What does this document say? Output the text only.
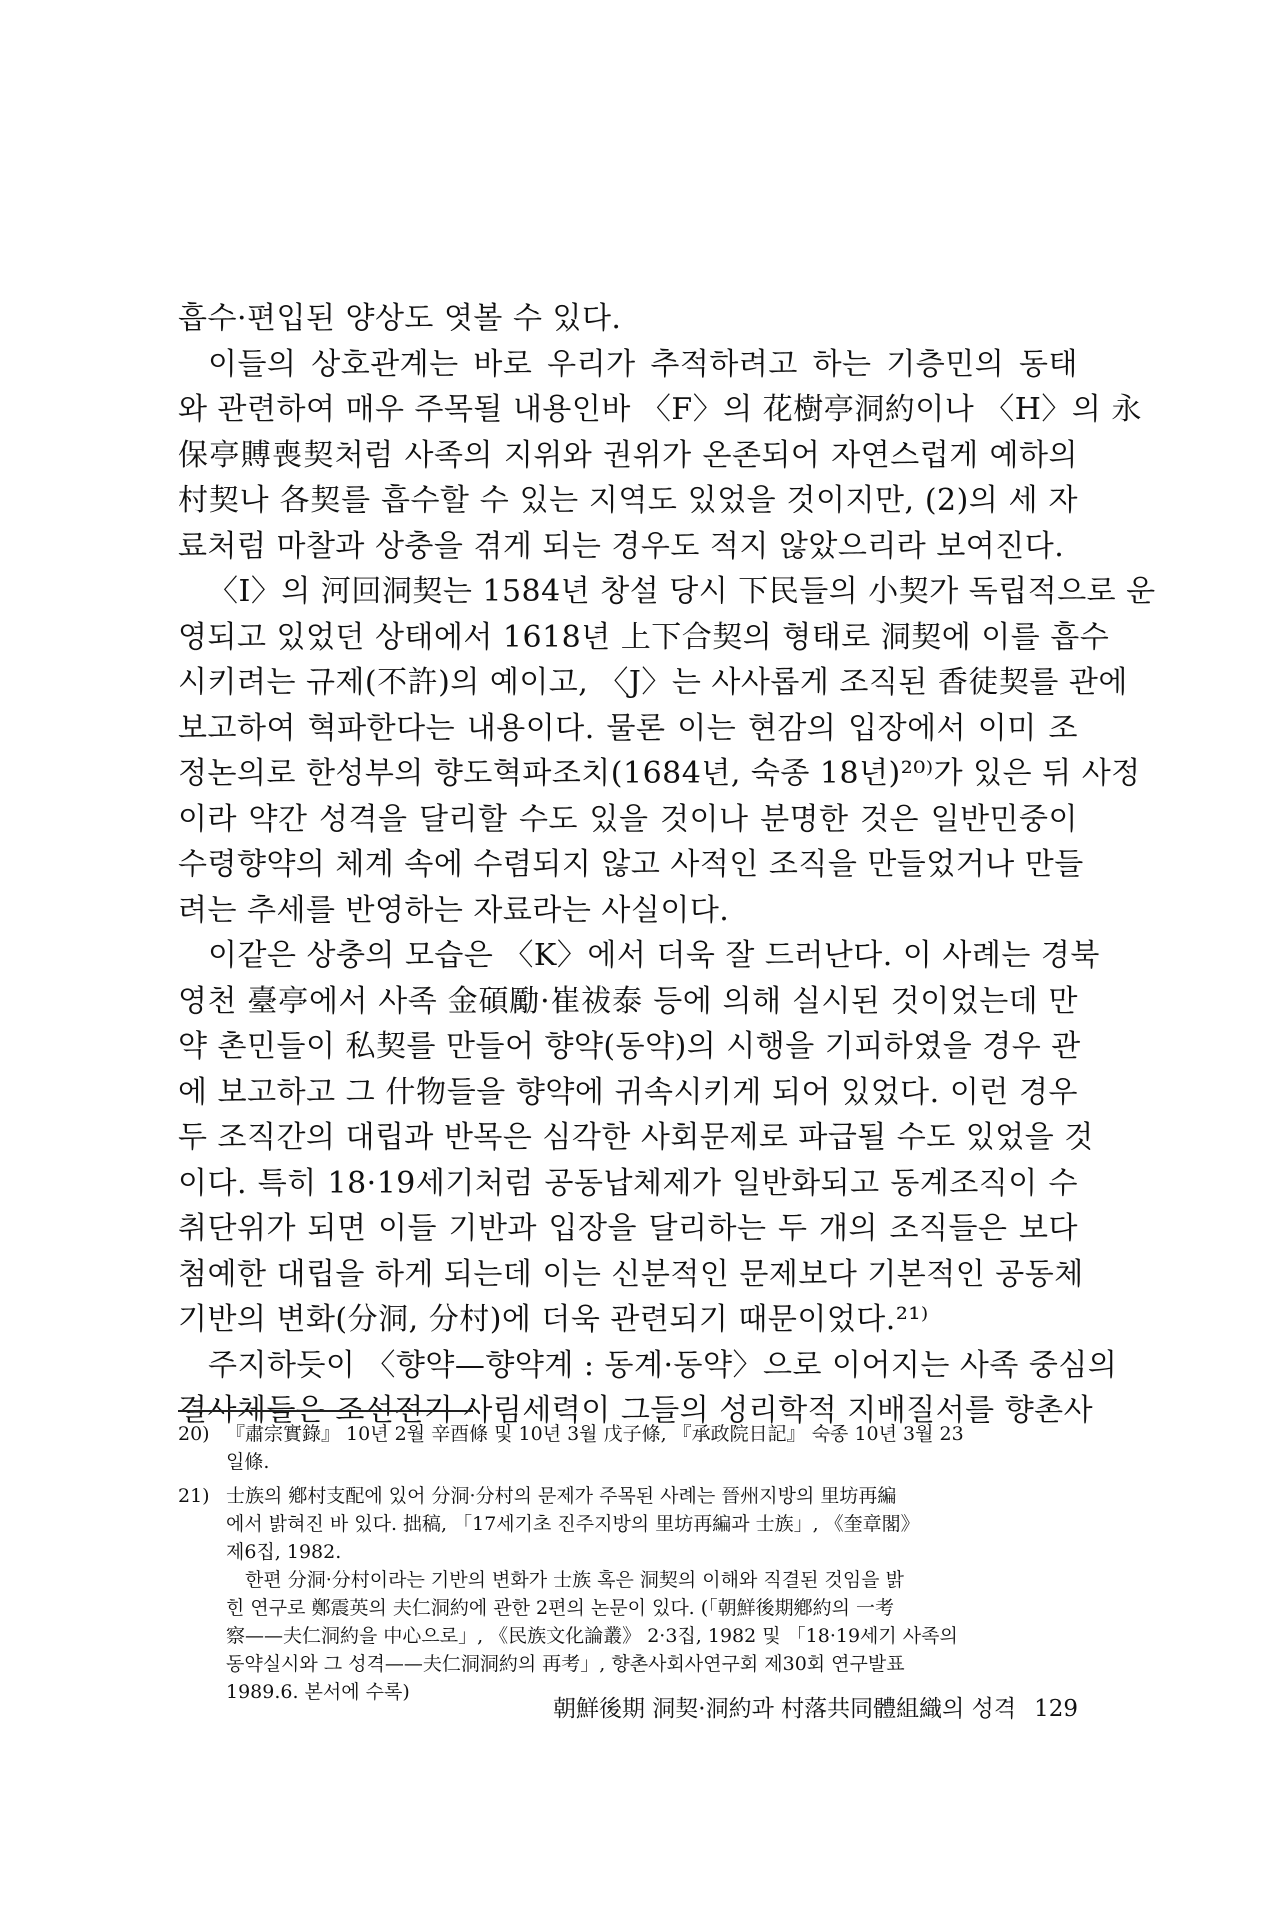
흡수·편입된 양상도 엿볼 수 있다.

이들의 상호관계는 바로 우리가 추적하려고 하는 기층민의 동태

와 관련하여 매우 주목될 내용인바 〈F〉의 花樹亭洞約이나 〈H〉의 永

保亭賻喪契처럼 사족의 지위와 권위가 온존되어 자연스럽게 예하의

村契나 各契를 흡수할 수 있는 지역도 있었을 것이지만, (2)의 세 자

료처럼 마찰과 상충을 겪게 되는 경우도 적지 않았으리라 보여진다.

〈I〉의 河回洞契는 1584년 창설 당시 下民들의 小契가 독립적으로 운

영되고 있었던 상태에서 1618년 上下合契의 형태로 洞契에 이를 흡수

시키려는 규제(不許)의 예이고, 〈J〉는 사사롭게 조직된 香徒契를 관에

보고하여 혁파한다는 내용이다. 물론 이는 현감의 입장에서 이미 조

정논의로 한성부의 향도혁파조치(1684년, 숙종 18년)²⁰⁾가 있은 뒤 사정

이라 약간 성격을 달리할 수도 있을 것이나 분명한 것은 일반민중이

수령향약의 체계 속에 수렴되지 않고 사적인 조직을 만들었거나 만들

려는 추세를 반영하는 자료라는 사실이다.

이같은 상충의 모습은 〈K〉에서 더욱 잘 드러난다. 이 사례는 경북

영천 臺亭에서 사족 金碩勵·崔祓泰 등에 의해 실시된 것이었는데 만

약 촌민들이 私契를 만들어 향약(동약)의 시행을 기피하였을 경우 관

에 보고하고 그 什物들을 향약에 귀속시키게 되어 있었다. 이런 경우

두 조직간의 대립과 반목은 심각한 사회문제로 파급될 수도 있었을 것

이다. 특히 18·19세기처럼 공동납체제가 일반화되고 동계조직이 수

취단위가 되면 이들 기반과 입장을 달리하는 두 개의 조직들은 보다

첨예한 대립을 하게 되는데 이는 신분적인 문제보다 기본적인 공동체

기반의 변화(分洞, 分村)에 더욱 관련되기 때문이었다.²¹⁾

주지하듯이 〈향약—향약계 : 동계·동약〉으로 이어지는 사족 중심의

결사체들은 조선전기 사림세력이 그들의 성리학적 지배질서를 향촌사

20) 『肅宗實錄』 10년 2월 辛酉條 및 10년 3월 戊子條, 『承政院日記』 숙종 10년 3월 23

일條.

21) 士族의 鄕村支配에 있어 分洞·分村의 문제가 주목된 사례는 晉州지방의 里坊再編

에서 밝혀진 바 있다. 拙稿, 「17세기초 진주지방의 里坊再編과 士族」, 《奎章閣》

제6집, 1982.

　한편 分洞·分村이라는 기반의 변화가 士族 혹은 洞契의 이해와 직결된 것임을 밝

힌 연구로 鄭震英의 夫仁洞約에 관한 2편의 논문이 있다. (「朝鮮後期鄕約의 一考

察——夫仁洞約을 中心으로」, 《民族文化論叢》 2·3집, 1982 및 「18·19세기 사족의

동약실시와 그 성격——夫仁洞洞約의 再考」, 향촌사회사연구회 제30회 연구발표

1989.6. 본서에 수록)

朝鮮後期 洞契·洞約과 村落共同體組織의 성격 129
